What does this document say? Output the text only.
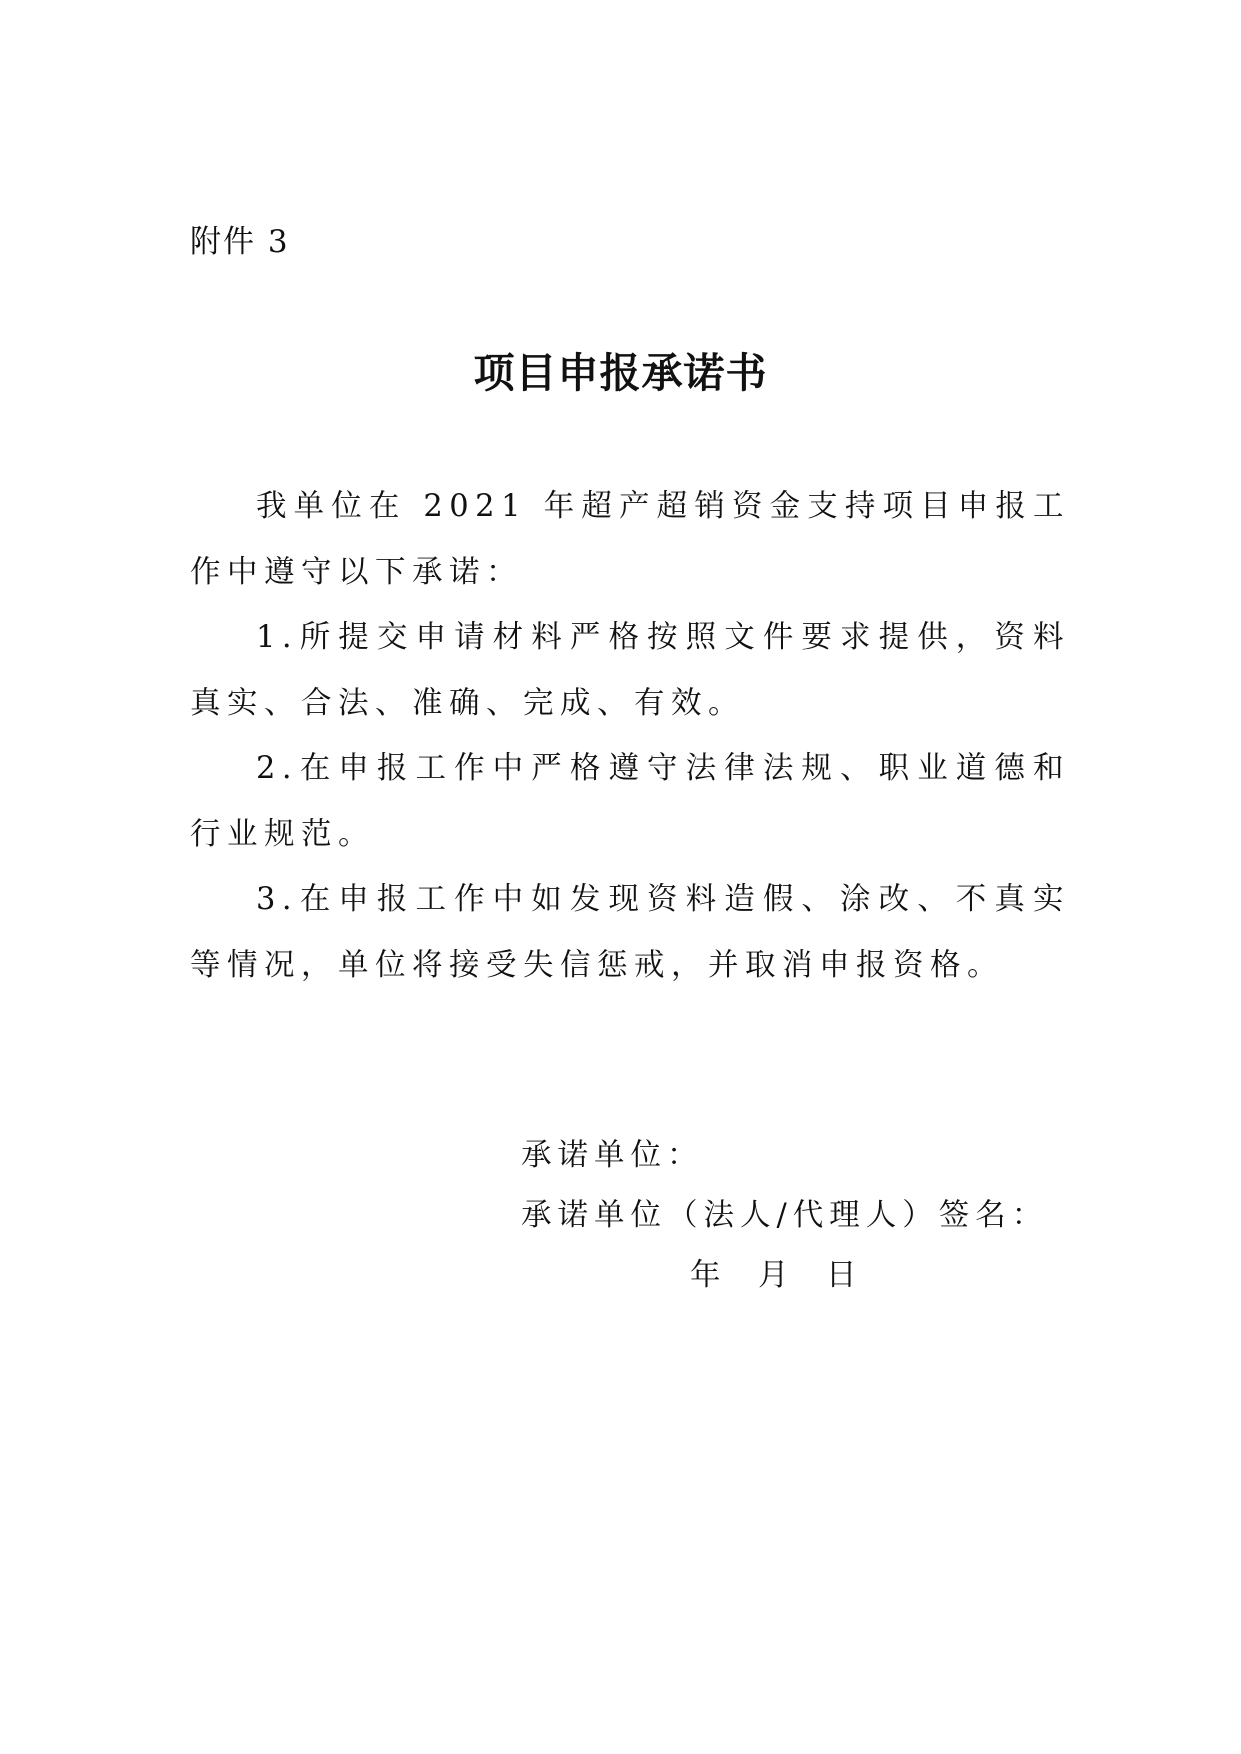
附件 3
项目申报承诺书

我单位在 2021 年超产超销资金支持项目申报工作中遵守以下承诺：

1.所提交申请材料严格按照文件要求提供，资料真实、合法、准确、完成、有效。

2.在申报工作中严格遵守法律法规、职业道德和行业规范。

3.在申报工作中如发现资料造假、涂改、不真实等情况，单位将接受失信惩戒，并取消申报资格。

承诺单位：
承诺单位（法人/代理人）签名：
年 月 日
